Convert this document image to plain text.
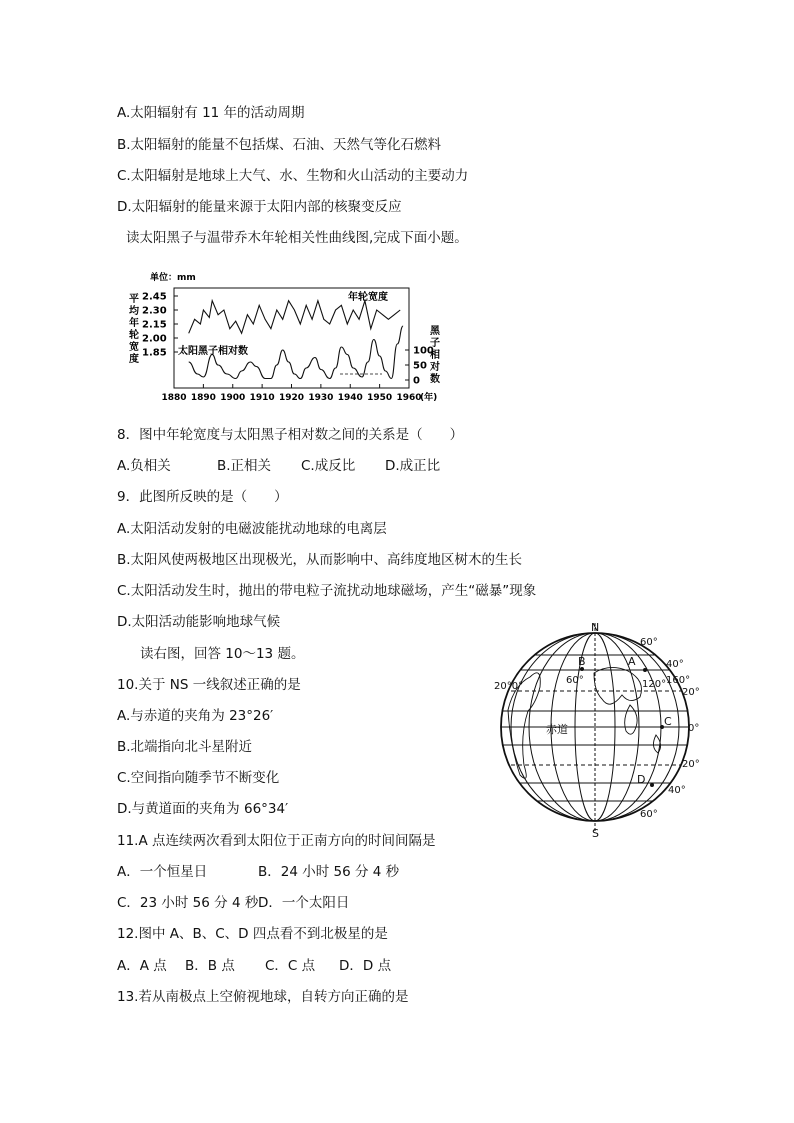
A.太阳辐射有 11 年的活动周期
B.太阳辐射的能量不包括煤、石油、天然气等化石燃料
C.太阳辐射是地球上大气、水、生物和火山活动的主要动力
D.太阳辐射的能量来源于太阳内部的核聚变反应
读太阳黑子与温带乔木年轮相关性曲线图,完成下面小题。
单位：mm
平
均
年
轮
宽
度
黑
子
相
对
数
2.45
2.30
2.15
2.00
1.85	100
50
0
1880 1890 1900 1910 1920 1930 1940 1950 1960
年轮宽度
太阳黑子相对数
(年)
8．图中年轮宽度与太阳黑子相对数之间的关系是（　　）
A.负相关	B.正相关 C.成反比 D.成正比
9．此图所反映的是（　　）
A.太阳活动发射的电磁波能扰动地球的电离层
B.太阳风使两极地区出现极光，从而影响中、高纬度地区树木的生长
C.太阳活动发生时，抛出的带电粒子流扰动地球磁场，产生“磁暴”现象
D.太阳活动能影响地球气候
读右图，回答 10～13 题。
10.关于 NS 一线叙述正确的是
A.与赤道的夹角为 23°26′
B.北端指向北斗星附近
C.空间指向随季节不断变化
D.与黄道面的夹角为 66°34′
11.A 点连续两次看到太阳位于正南方向的时间间隔是
A．一个恒星日	B．24 小时 56 分 4 秒
C．23 小时 56 分 4 秒D．一个太阳日
12.图中 A、B、C、D 四点看不到北极星的是
A．A 点 B．B 点 C．C 点 D．D 点
13.若从南极点上空俯视地球，自转方向正确的是
N
S
A
B
C
D
赤道
60°
40°
20°
0°
20°
40°
60°
20°0°
60°	120° 160°
